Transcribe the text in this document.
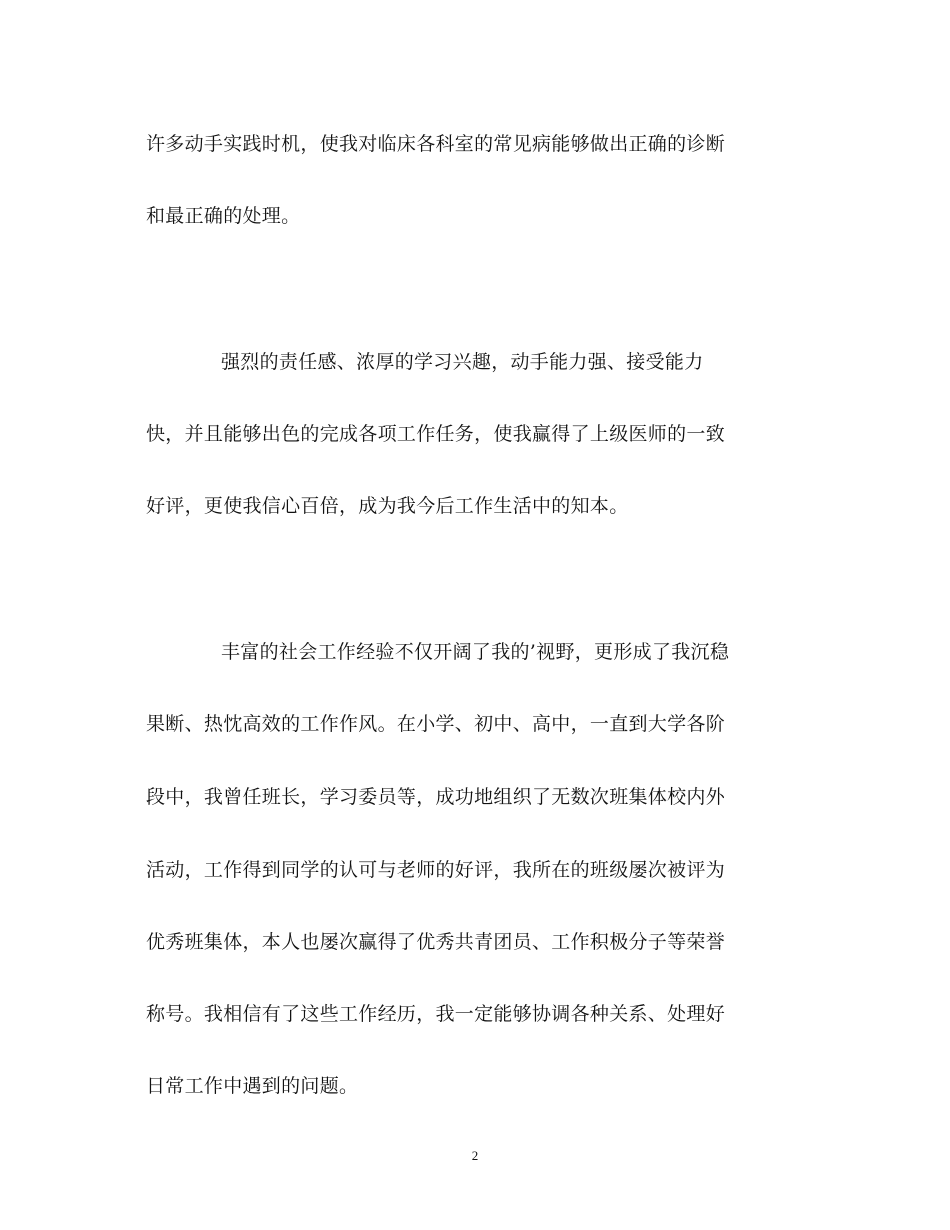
许多动手实践时机，使我对临床各科室的常见病能够做出正确的诊断
和最正确的处理。
强烈的责任感、浓厚的学习兴趣，动手能力强、接受能力
快，并且能够出色的完成各项工作任务，使我赢得了上级医师的一致
好评，更使我信心百倍，成为我今后工作生活中的知本。
丰富的社会工作经验不仅开阔了我的’视野，更形成了我沉稳
果断、热忱高效的工作作风。在小学、初中、高中，一直到大学各阶
段中，我曾任班长，学习委员等，成功地组织了无数次班集体校内外
活动，工作得到同学的认可与老师的好评，我所在的班级屡次被评为
优秀班集体，本人也屡次赢得了优秀共青团员、工作积极分子等荣誉
称号。我相信有了这些工作经历，我一定能够协调各种关系、处理好
日常工作中遇到的问题。
2
